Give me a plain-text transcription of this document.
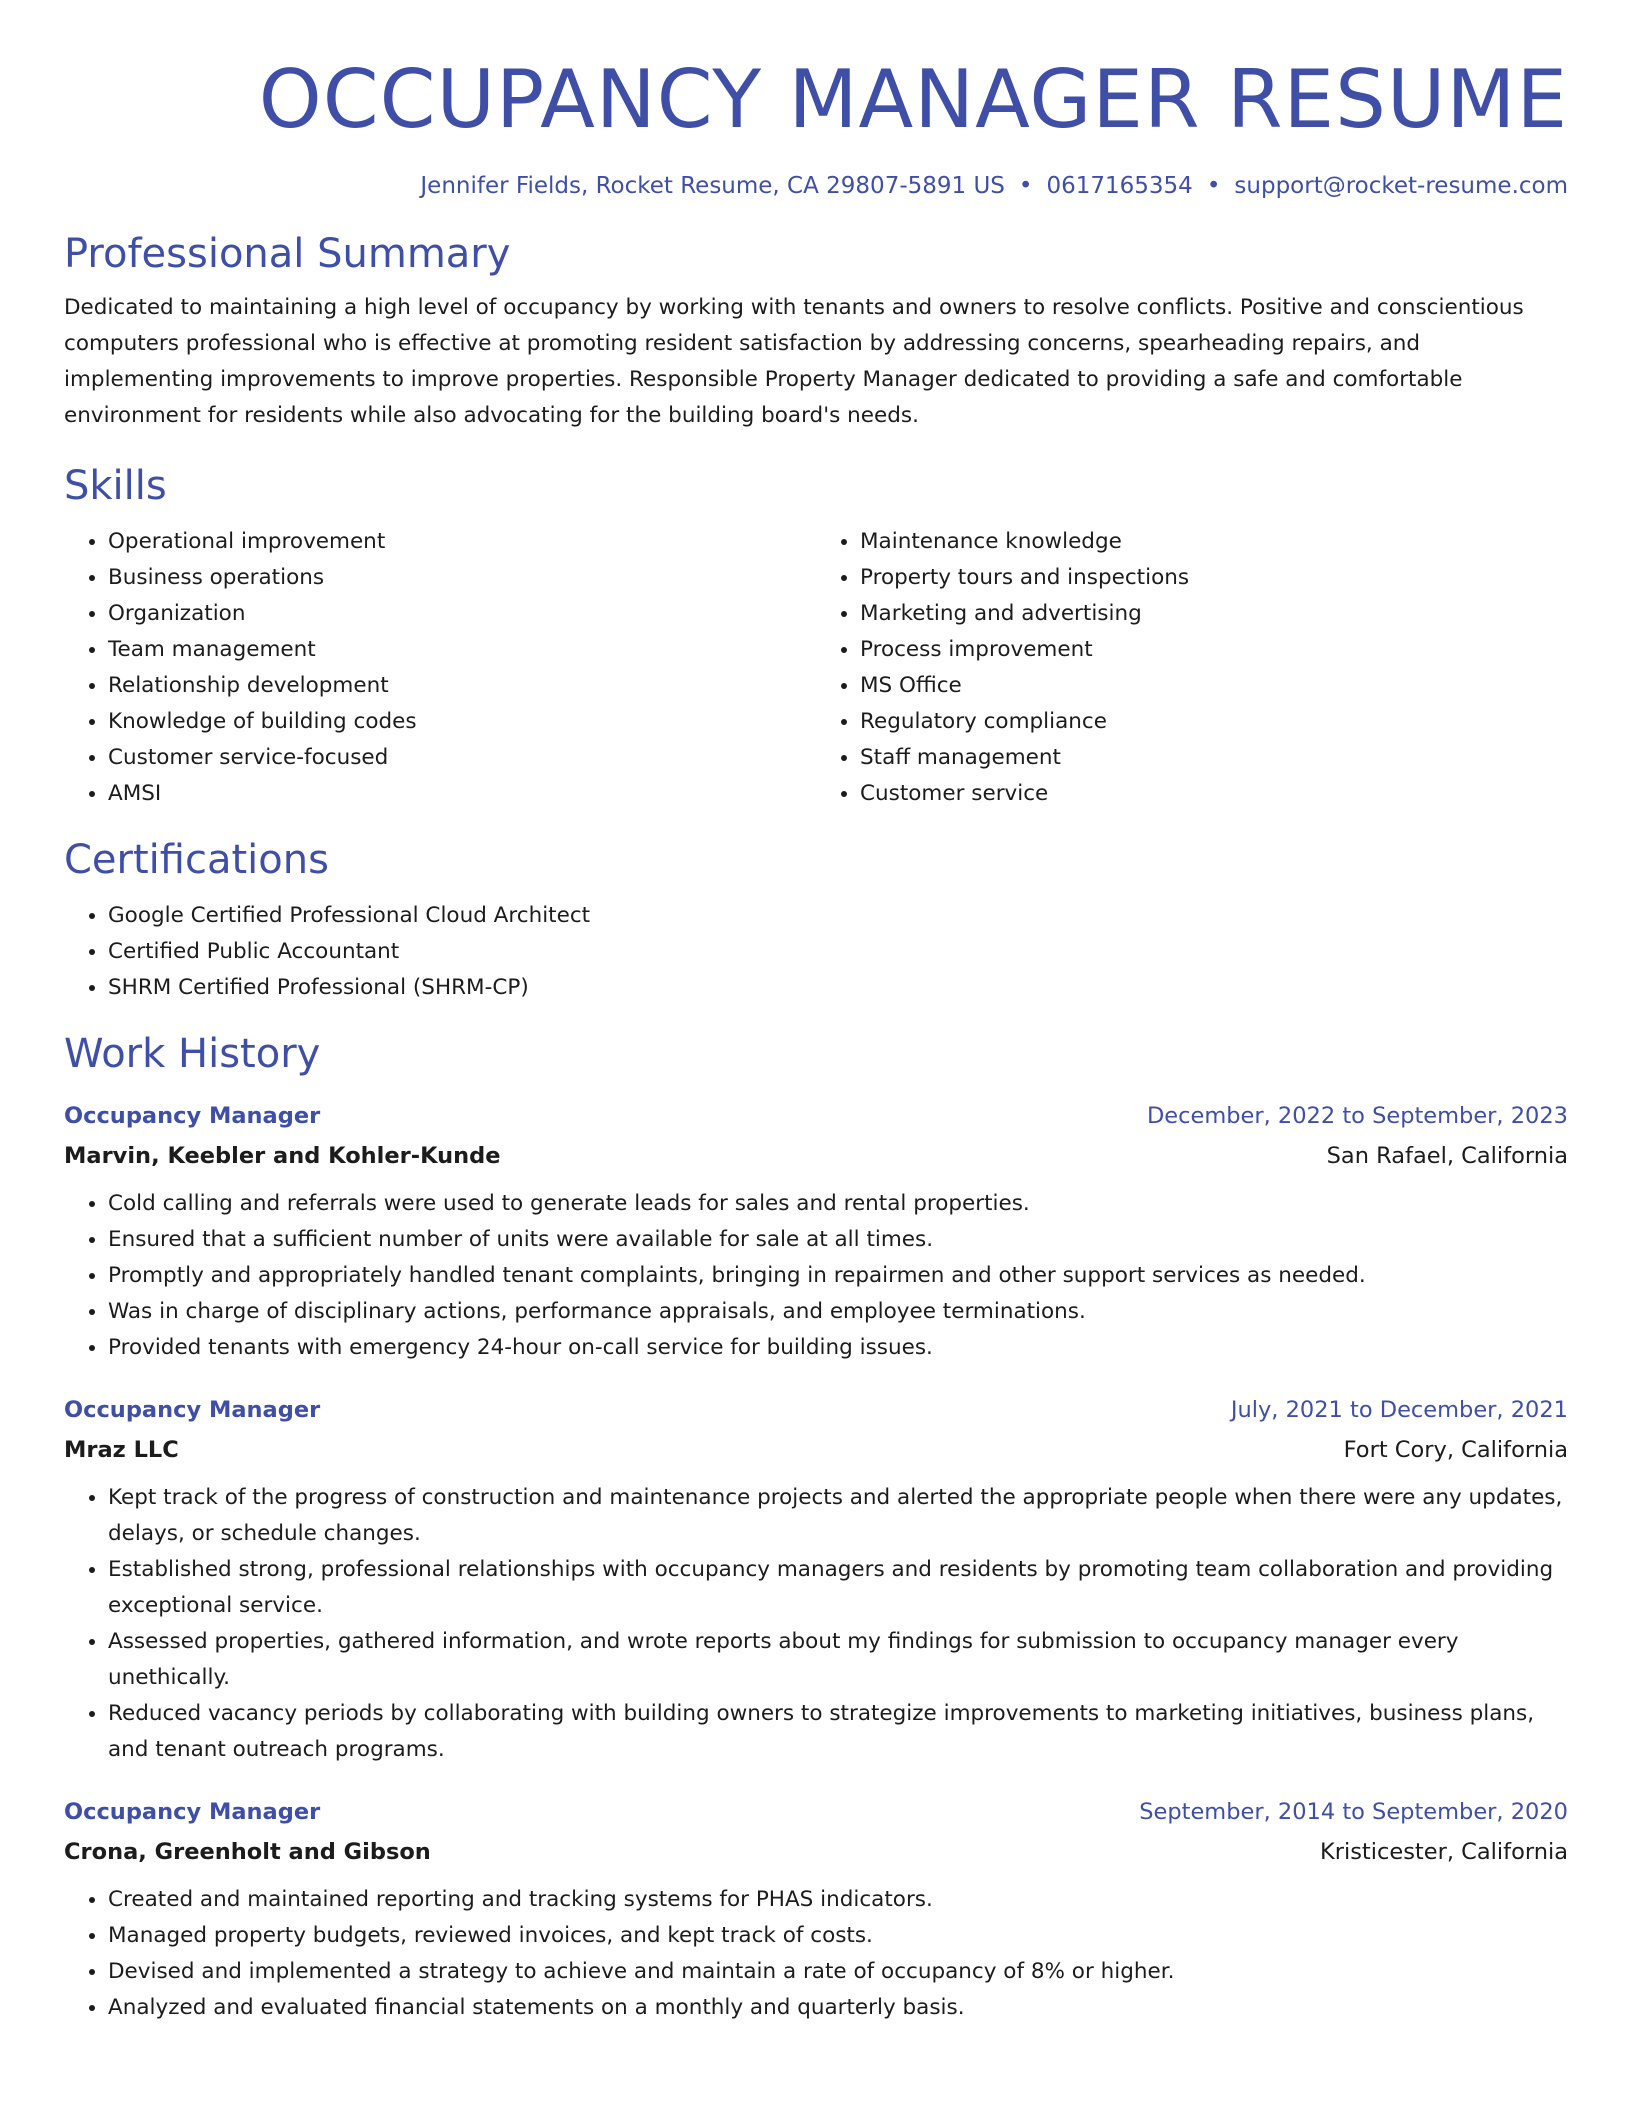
OCCUPANCY MANAGER RESUME
Jennifer Fields, Rocket Resume, CA 29807-5891 US • 0617165354 • support@rocket-resume.com
Professional Summary

Dedicated to maintaining a high level of occupancy by working with tenants and owners to resolve conflicts. Positive and conscientious computers professional who is effective at promoting resident satisfaction by addressing concerns, spearheading repairs, and implementing improvements to improve properties. Responsible Property Manager dedicated to providing a safe and comfortable environment for residents while also advocating for the building board's needs.

Skills
• Operational improvement
• Business operations
• Organization
• Team management
• Relationship development
• Knowledge of building codes
• Customer service-focused
• AMSI
• Maintenance knowledge
• Property tours and inspections
• Marketing and advertising
• Process improvement
• MS Office
• Regulatory compliance
• Staff management
• Customer service
Certifications
• Google Certified Professional Cloud Architect
• Certified Public Accountant
• SHRM Certified Professional (SHRM-CP)
Work History
Occupancy Manager	December, 2022 to September, 2023
Marvin, Keebler and Kohler-Kunde	San Rafael, California
• Cold calling and referrals were used to generate leads for sales and rental properties.
• Ensured that a sufficient number of units were available for sale at all times.
• Promptly and appropriately handled tenant complaints, bringing in repairmen and other support services as needed.
• Was in charge of disciplinary actions, performance appraisals, and employee terminations.
• Provided tenants with emergency 24-hour on-call service for building issues.
Occupancy Manager	July, 2021 to December, 2021
Mraz LLC	Fort Cory, California
• Kept track of the progress of construction and maintenance projects and alerted the appropriate people when there were any updates, delays, or schedule changes.
• Established strong, professional relationships with occupancy managers and residents by promoting team collaboration and providing exceptional service.
• Assessed properties, gathered information, and wrote reports about my findings for submission to occupancy manager every unethically.
• Reduced vacancy periods by collaborating with building owners to strategize improvements to marketing initiatives, business plans, and tenant outreach programs.
Occupancy Manager	September, 2014 to September, 2020
Crona, Greenholt and Gibson	Kristicester, California
• Created and maintained reporting and tracking systems for PHAS indicators.
• Managed property budgets, reviewed invoices, and kept track of costs.
• Devised and implemented a strategy to achieve and maintain a rate of occupancy of 8% or higher.
• Analyzed and evaluated financial statements on a monthly and quarterly basis.
